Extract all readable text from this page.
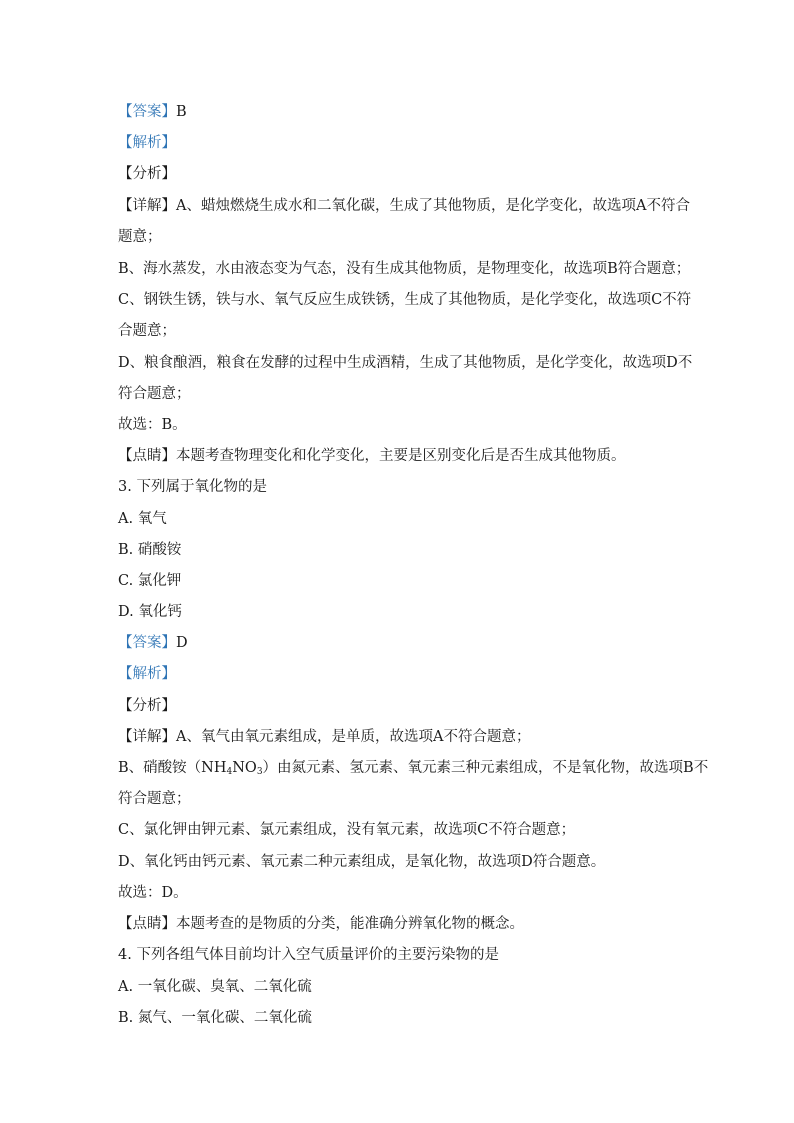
【答案】B
【解析】
【分析】
【详解】A、蜡烛燃烧生成水和二氧化碳，生成了其他物质，是化学变化，故选项A不符合
题意；
B、海水蒸发，水由液态变为气态，没有生成其他物质，是物理变化，故选项B符合题意；
C、钢铁生锈，铁与水、氧气反应生成铁锈，生成了其他物质，是化学变化，故选项C不符
合题意；
D、粮食酿酒，粮食在发酵的过程中生成酒精，生成了其他物质，是化学变化，故选项D不
符合题意；
故选：B。
【点睛】本题考查物理变化和化学变化，主要是区别变化后是否生成其他物质。
3. 下列属于氧化物的是
A. 氧气
B. 硝酸铵
C. 氯化钾
D. 氧化钙
【答案】D
【解析】
【分析】
【详解】A、氧气由氧元素组成，是单质，故选项A不符合题意；
B、硝酸铵$(NH_4NO_3)$由氮元素、氢元素、氧元素三种元素组成，不是氧化物，故选项B不
符合题意；
C、氯化钾由钾元素、氯元素组成，没有氧元素，故选项C不符合题意；
D、氧化钙由钙元素、氧元素二种元素组成，是氧化物，故选项D符合题意。
故选：D。
【点睛】本题考查的是物质的分类，能准确分辨氧化物的概念。
4. 下列各组气体目前均计入空气质量评价的主要污染物的是
A. 一氧化碳、臭氧、二氧化硫
B. 氮气、一氧化碳、二氧化硫
